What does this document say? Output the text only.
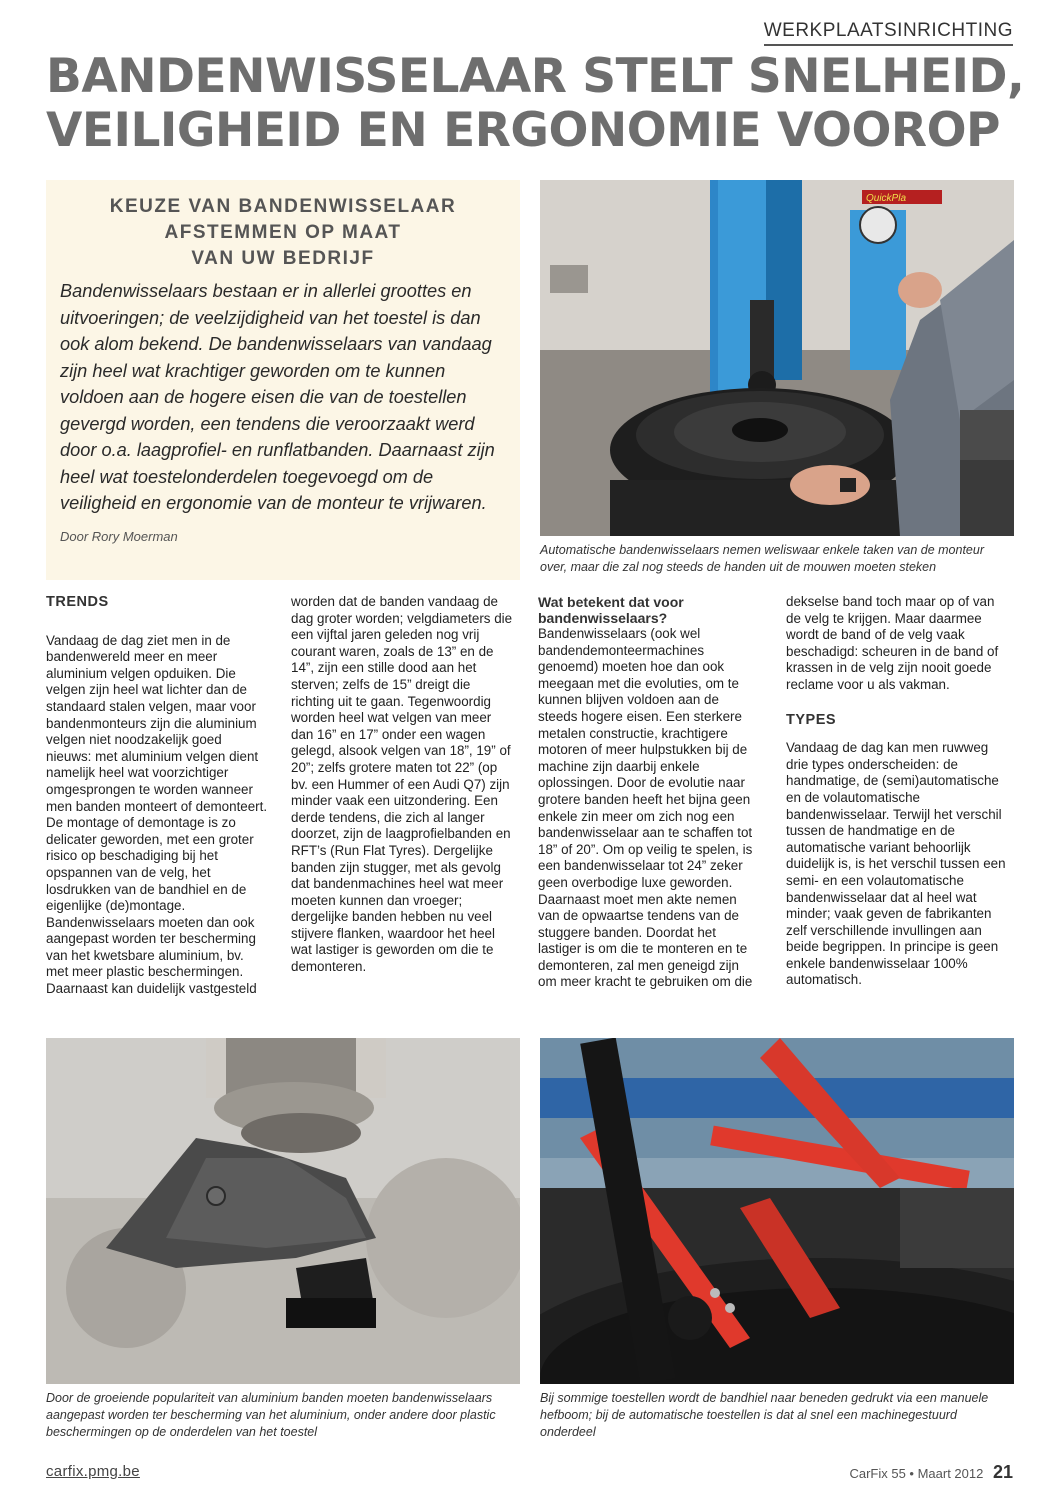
WERKPLAATSINRICHTING
BANDENWISSELAAR STELT SNELHEID,
VEILIGHEID EN ERGONOMIE VOOROP
KEUZE VAN BANDENWISSELAAR
AFSTEMMEN OP MAAT
VAN UW BEDRIJF

Bandenwisselaars bestaan er in allerlei groottes en uitvoeringen; de veelzijdigheid van het toestel is dan ook alom bekend. De bandenwisselaars van vandaag zijn heel wat krachtiger geworden om te kunnen voldoen aan de hogere eisen die van de toestellen gevergd worden, een tendens die veroorzaakt werd door o.a. laagprofiel- en runflatbanden. Daarnaast zijn heel wat toestelonderdelen toegevoegd om de veiligheid en ergonomie van de monteur te vrijwaren.

Door Rory Moerman
QuickPla

Automatische bandenwisselaars nemen weliswaar enkele taken van de monteur over, maar die zal nog steeds de handen uit de mouwen moeten steken

TRENDS

Vandaag de dag ziet men in de bandenwereld meer en meer aluminium velgen opduiken. Die velgen zijn heel wat lichter dan de standaard stalen velgen, maar voor bandenmonteurs zijn die aluminium velgen niet noodzakelijk goed nieuws: met aluminium velgen dient namelijk heel wat voorzichtiger omgesprongen te worden wanneer men banden monteert of demonteert. De montage of demontage is zo delicater geworden, met een groter risico op beschadiging bij het opspannen van de velg, het losdrukken van de bandhiel en de eigenlijke (de)montage. Bandenwisselaars moeten dan ook aangepast worden ter bescherming van het kwetsbare aluminium, bv. met meer plastic beschermingen. Daarnaast kan duidelijk vastgesteld

worden dat de banden vandaag de dag groter worden; velgdiameters die een vijftal jaren geleden nog vrij courant waren, zoals de 13” en de 14”, zijn een stille dood aan het sterven; zelfs de 15” dreigt die richting uit te gaan. Tegenwoordig worden heel wat velgen van meer dan 16” en 17” onder een wagen gelegd, alsook velgen van 18”, 19” of 20”; zelfs grotere maten tot 22” (op bv. een Hummer of een Audi Q7) zijn minder vaak een uitzondering. Een derde tendens, die zich al langer doorzet, zijn de laagprofielbanden en RFT’s (Run Flat Tyres). Dergelijke banden zijn stugger, met als gevolg dat bandenmachines heel wat meer moeten kunnen dan vroeger; dergelijke banden hebben nu veel stijvere flanken, waardoor het heel wat lastiger is geworden om die te demonteren.

Wat betekent dat voor bandenwisselaars?

Bandenwisselaars (ook wel bandendemonteermachines genoemd) moeten hoe dan ook meegaan met die evoluties, om te kunnen blijven voldoen aan de steeds hogere eisen. Een sterkere metalen constructie, krachtigere motoren of meer hulpstukken bij de machine zijn daarbij enkele oplossingen. Door de evolutie naar grotere banden heeft het bijna geen enkele zin meer om zich nog een bandenwisselaar aan te schaffen tot 18” of 20”. Om op veilig te spelen, is een bandenwisselaar tot 24” zeker geen overbodige luxe geworden. Daarnaast moet men akte nemen van de opwaartse tendens van de stuggere banden. Doordat het lastiger is om die te monteren en te demonteren, zal men geneigd zijn om meer kracht te gebruiken om die

dekselse band toch maar op of van de velg te krijgen. Maar daarmee wordt de band of de velg vaak beschadigd: scheuren in de band of krassen in de velg zijn nooit goede reclame voor u als vakman.

TYPES

Vandaag de dag kan men ruwweg drie types onderscheiden: de handmatige, de (semi)automatische en de volautomatische bandenwisselaar. Terwijl het verschil tussen de handmatige en de automatische variant behoorlijk duidelijk is, is het verschil tussen een semi- en een volautomatische bandenwisselaar dat al heel wat minder; vaak geven de fabrikanten zelf verschillende invullingen aan beide begrippen. In principe is geen enkele bandenwisselaar 100% automatisch.

Door de groeiende populariteit van aluminium banden moeten bandenwisselaars aangepast worden ter bescherming van het aluminium, onder andere door plastic beschermingen op de onderdelen van het toestel

Bij sommige toestellen wordt de bandhiel naar beneden gedrukt via een manuele hefboom; bij de automatische toestellen is dat al snel een machinegestuurd onderdeel

carfix.pmg.be	CarFix 55 • Maart 2012 21
